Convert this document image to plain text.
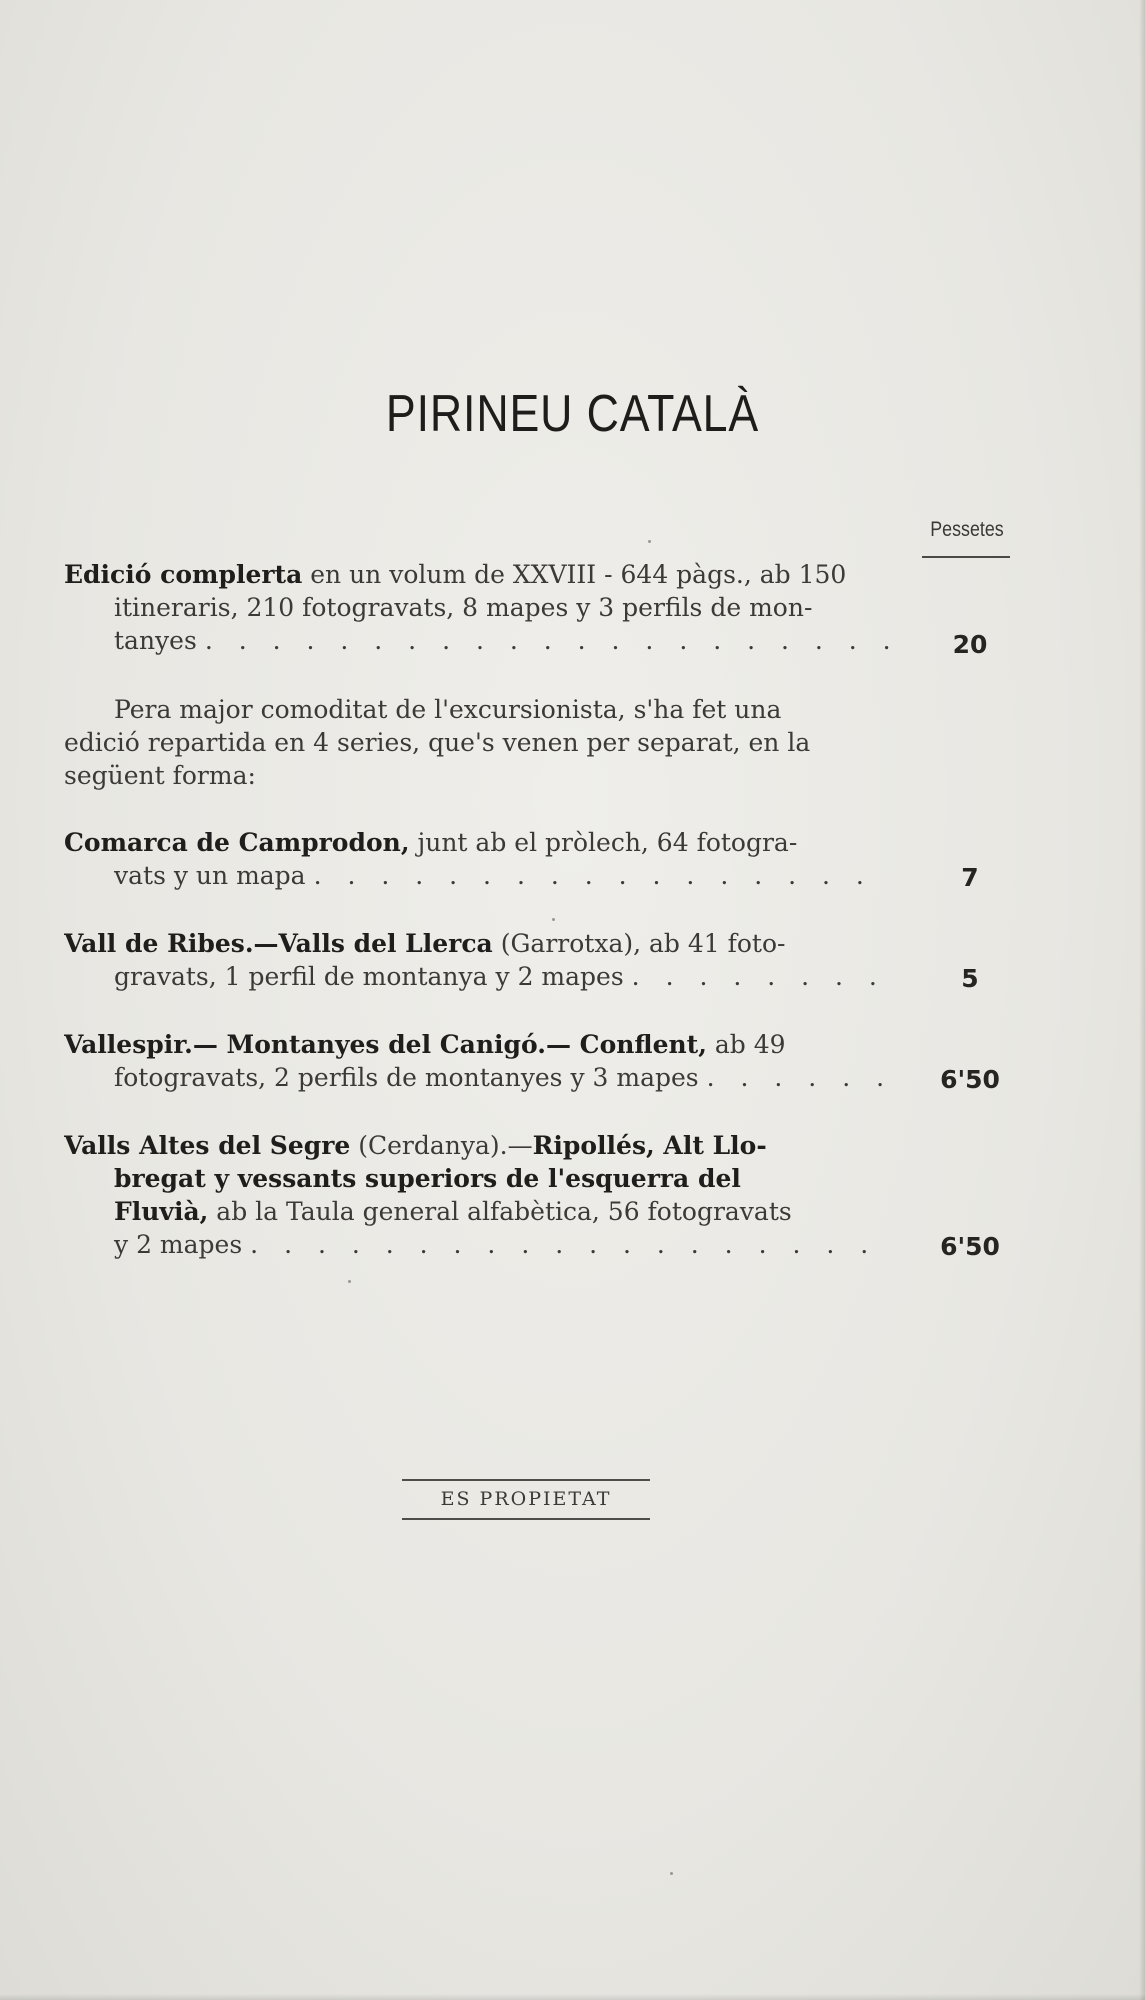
PIRINEU CATALÀ
Pessetes
Edició complerta en un volum de XXVIII - 644 pàgs., ab 150
itineraris, 210 fotogravats, 8 mapes y 3 perfils de mon-
tanyes . . .	20
Pera major comoditat de l'excursionista, s'ha fet una
edició repartida en 4 series, que's venen per separat, en la
següent forma:
Comarca de Camprodon, junt ab el pròlech, 64 fotogra-
vats y un mapa . . .	7
Vall de Ribes.—Valls del Llerca (Garrotxa), ab 41 foto-
gravats, 1 perfil de montanya y 2 mapes . . .	5
Vallespir.— Montanyes del Canigó.— Conflent, ab 49
fotogravats, 2 perfils de montanyes y 3 mapes . . .	6'50
Valls Altes del Segre (Cerdanya).—Ripollés, Alt Llo-
bregat y vessants superiors de l'esquerra del
Fluvià, ab la Taula general alfabètica, 56 fotogravats
y 2 mapes . . .	6'50
ES PROPIETAT
